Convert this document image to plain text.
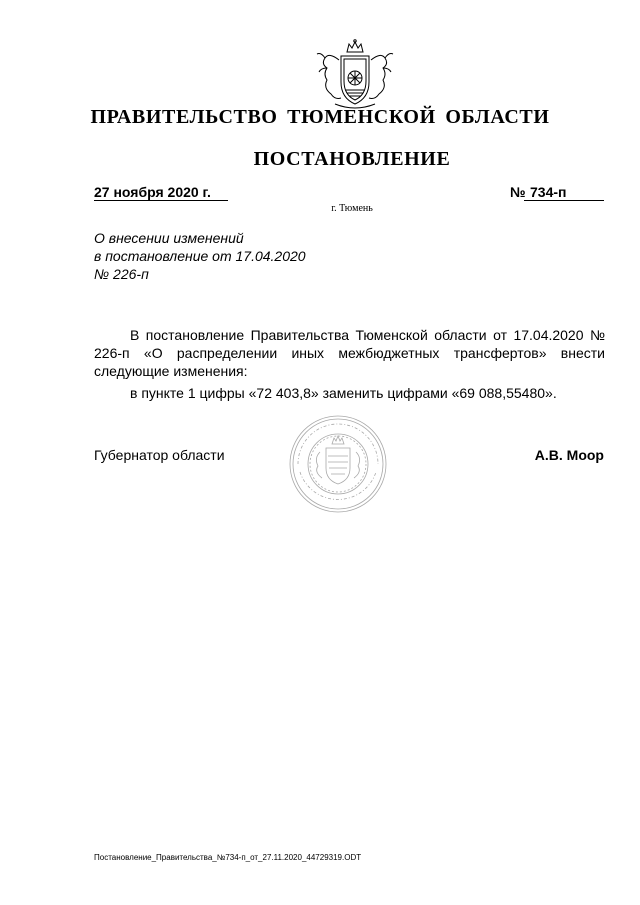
ПРАВИТЕЛЬСТВО ТЮМЕНСКОЙ ОБЛАСТИ
ПОСТАНОВЛЕНИЕ
27 ноября 2020 г.	№ 734-п
г. Тюмень
О внесении изменений
в постановление от 17.04.2020
№ 226-п

В постановление Правительства Тюменской области от 17.04.2020 № 226-п «О распределении иных межбюджетных трансфертов» внести следующие изменения:

в пункте 1 цифры «72 403,8» заменить цифрами «69 088,55480».

Губернатор области	А.В. Моор
Постановление_Правительства_№734-п_от_27.11.2020_44729319.ODT
